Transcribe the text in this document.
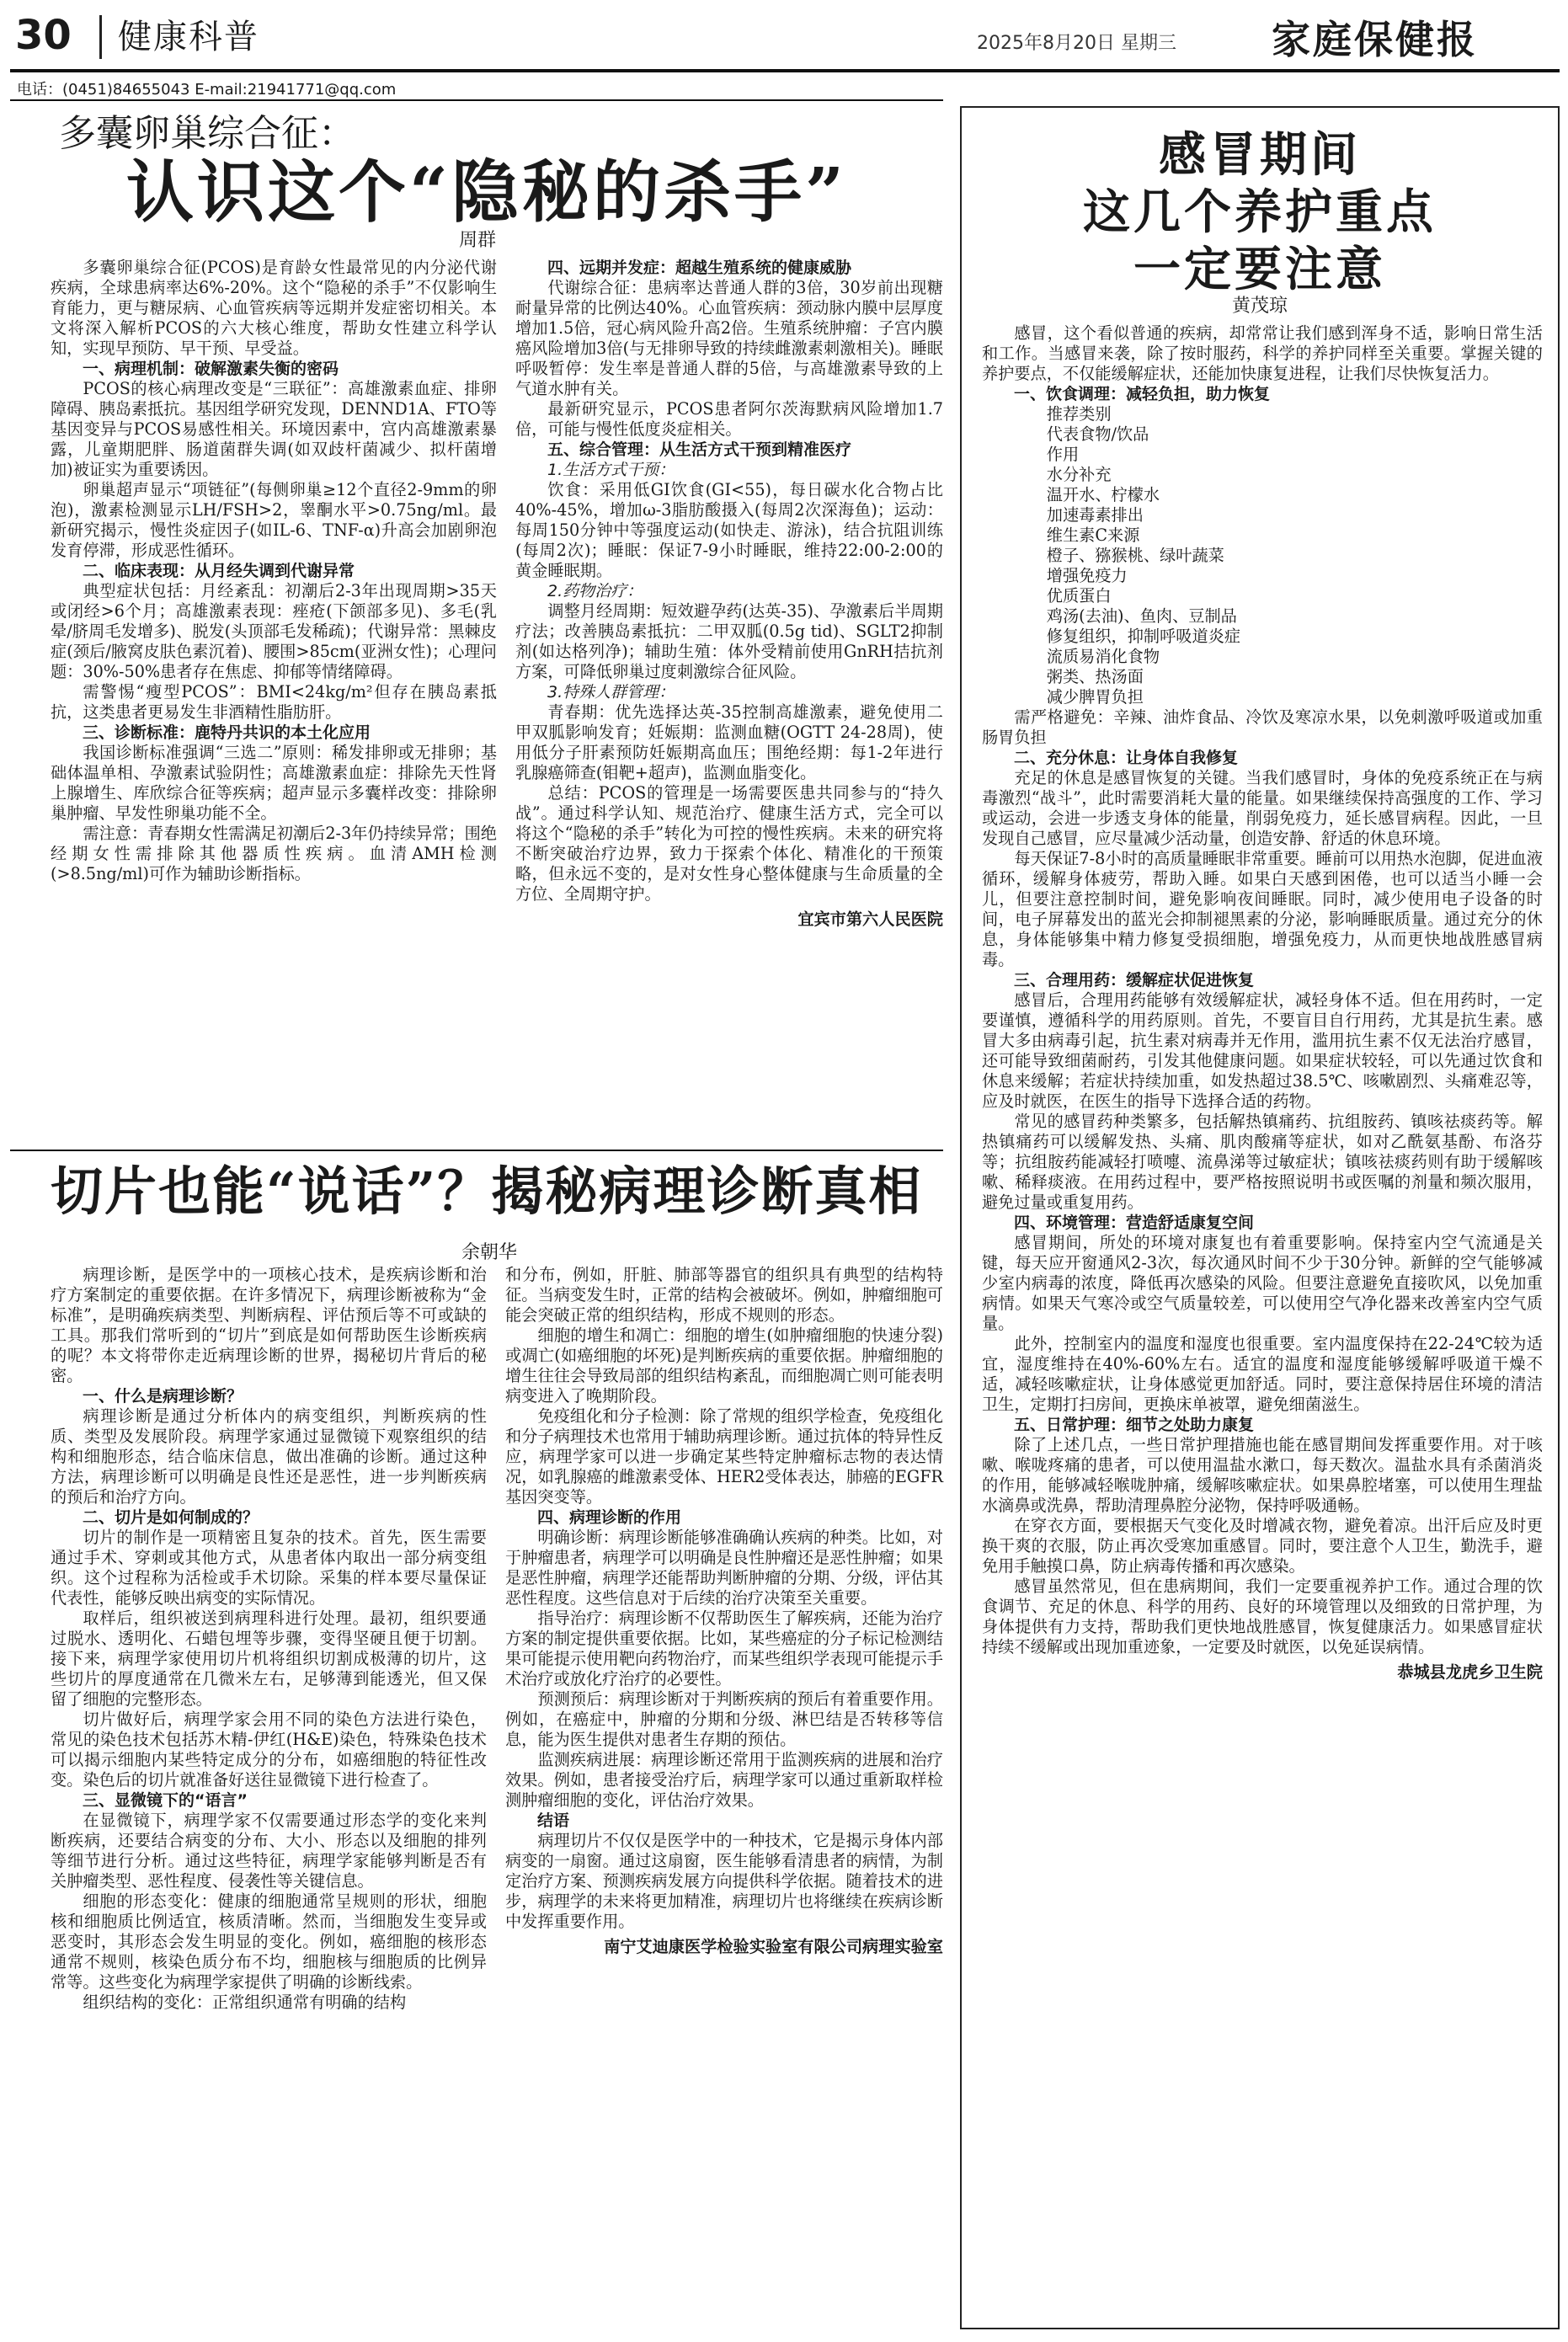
30 健康科普	2025年8月20日 星期三 家庭保健报
电话：(0451)84655043 E-mail:21941771@qq.com
多囊卵巢综合征：
认识这个“隐秘的杀手”
周群

多囊卵巢综合征(PCOS)是育龄女性最常见的内分泌代谢疾病，全球患病率达6%-20%。这个“隐秘的杀手”不仅影响生育能力，更与糖尿病、心血管疾病等远期并发症密切相关。本文将深入解析PCOS的六大核心维度，帮助女性建立科学认知，实现早预防、早干预、早受益。

一、病理机制：破解激素失衡的密码

PCOS的核心病理改变是“三联征”：高雄激素血症、排卵障碍、胰岛素抵抗。基因组学研究发现，DENND1A、FTO等基因变异与PCOS易感性相关。环境因素中，宫内高雄激素暴露，儿童期肥胖、肠道菌群失调(如双歧杆菌减少、拟杆菌增加)被证实为重要诱因。

卵巢超声显示“项链征”(每侧卵巢≥12个直径2-9mm的卵泡)，激素检测显示LH/FSH>2，睾酮水平>0.75ng/ml。最新研究揭示，慢性炎症因子(如IL-6、TNF-α)升高会加剧卵泡发育停滞，形成恶性循环。

二、临床表现：从月经失调到代谢异常

典型症状包括：月经紊乱：初潮后2-3年出现周期>35天或闭经>6个月；高雄激素表现：痤疮(下颌部多见)、多毛(乳晕/脐周毛发增多)、脱发(头顶部毛发稀疏)；代谢异常：黑棘皮症(颈后/腋窝皮肤色素沉着)、腰围>85cm(亚洲女性)；心理问题：30%-50%患者存在焦虑、抑郁等情绪障碍。

需警惕“瘦型PCOS”：BMI<24kg/m²但存在胰岛素抵抗，这类患者更易发生非酒精性脂肪肝。

三、诊断标准：鹿特丹共识的本土化应用

我国诊断标准强调“三选二”原则：稀发排卵或无排卵；基础体温单相、孕激素试验阴性；高雄激素血症：排除先天性肾上腺增生、库欣综合征等疾病；超声显示多囊样改变：排除卵巢肿瘤、早发性卵巢功能不全。

需注意：青春期女性需满足初潮后2-3年仍持续异常；围绝经期女性需排除其他器质性疾病。血清AMH检测(>8.5ng/ml)可作为辅助诊断指标。

四、远期并发症：超越生殖系统的健康威胁

代谢综合征：患病率达普通人群的3倍，30岁前出现糖耐量异常的比例达40%。心血管疾病：颈动脉内膜中层厚度增加1.5倍，冠心病风险升高2倍。生殖系统肿瘤：子宫内膜癌风险增加3倍(与无排卵导致的持续雌激素刺激相关)。睡眠呼吸暂停：发生率是普通人群的5倍，与高雄激素导致的上气道水肿有关。

最新研究显示，PCOS患者阿尔茨海默病风险增加1.7倍，可能与慢性低度炎症相关。

五、综合管理：从生活方式干预到精准医疗
1.生活方式干预：

饮食：采用低GI饮食(GI<55)，每日碳水化合物占比40%-45%，增加ω-3脂肪酸摄入(每周2次深海鱼)；运动：每周150分钟中等强度运动(如快走、游泳)，结合抗阻训练(每周2次)；睡眠：保证7-9小时睡眠，维持22:00-2:00的黄金睡眠期。

2.药物治疗：

调整月经周期：短效避孕药(达英-35)、孕激素后半周期疗法；改善胰岛素抵抗：二甲双胍(0.5g tid)、SGLT2抑制剂(如达格列净)；辅助生殖：体外受精前使用GnRH拮抗剂方案，可降低卵巢过度刺激综合征风险。

3.特殊人群管理：

青春期：优先选择达英-35控制高雄激素，避免使用二甲双胍影响发育；妊娠期：监测血糖(OGTT 24-28周)，使用低分子肝素预防妊娠期高血压；围绝经期：每1-2年进行乳腺癌筛查(钼靶+超声)，监测血脂变化。

总结：PCOS的管理是一场需要医患共同参与的“持久战”。通过科学认知、规范治疗、健康生活方式，完全可以将这个“隐秘的杀手”转化为可控的慢性疾病。未来的研究将不断突破治疗边界，致力于探索个体化、精准化的干预策略，但永远不变的，是对女性身心整体健康与生命质量的全方位、全周期守护。

宜宾市第六人民医院

切片也能“说话”？揭秘病理诊断真相
余朝华

病理诊断，是医学中的一项核心技术，是疾病诊断和治疗方案制定的重要依据。在许多情况下，病理诊断被称为“金标准”，是明确疾病类型、判断病程、评估预后等不可或缺的工具。那我们常听到的“切片”到底是如何帮助医生诊断疾病的呢？本文将带你走近病理诊断的世界，揭秘切片背后的秘密。

一、什么是病理诊断？

病理诊断是通过分析体内的病变组织，判断疾病的性质、类型及发展阶段。病理学家通过显微镜下观察组织的结构和细胞形态，结合临床信息，做出准确的诊断。通过这种方法，病理诊断可以明确是良性还是恶性，进一步判断疾病的预后和治疗方向。

二、切片是如何制成的？

切片的制作是一项精密且复杂的技术。首先，医生需要通过手术、穿刺或其他方式，从患者体内取出一部分病变组织。这个过程称为活检或手术切除。采集的样本要尽量保证代表性，能够反映出病变的实际情况。

取样后，组织被送到病理科进行处理。最初，组织要通过脱水、透明化、石蜡包埋等步骤，变得坚硬且便于切割。接下来，病理学家使用切片机将组织切割成极薄的切片，这些切片的厚度通常在几微米左右，足够薄到能透光，但又保留了细胞的完整形态。

切片做好后，病理学家会用不同的染色方法进行染色，常见的染色技术包括苏木精-伊红(H&E)染色，特殊染色技术可以揭示细胞内某些特定成分的分布，如癌细胞的特征性改变。染色后的切片就准备好送往显微镜下进行检查了。

三、显微镜下的“语言”

在显微镜下，病理学家不仅需要通过形态学的变化来判断疾病，还要结合病变的分布、大小、形态以及细胞的排列等细节进行分析。通过这些特征，病理学家能够判断是否有关肿瘤类型、恶性程度、侵袭性等关键信息。

细胞的形态变化：健康的细胞通常呈规则的形状，细胞核和细胞质比例适宜，核质清晰。然而，当细胞发生变异或恶变时，其形态会发生明显的变化。例如，癌细胞的核形态通常不规则，核染色质分布不均，细胞核与细胞质的比例异常等。这些变化为病理学家提供了明确的诊断线索。

组织结构的变化：正常组织通常有明确的结构

和分布，例如，肝脏、肺部等器官的组织具有典型的结构特征。当病变发生时，正常的结构会被破坏。例如，肿瘤细胞可能会突破正常的组织结构，形成不规则的形态。

细胞的增生和凋亡：细胞的增生(如肿瘤细胞的快速分裂)或凋亡(如癌细胞的坏死)是判断疾病的重要依据。肿瘤细胞的增生往往会导致局部的组织结构紊乱，而细胞凋亡则可能表明病变进入了晚期阶段。

免疫组化和分子检测：除了常规的组织学检查，免疫组化和分子病理技术也常用于辅助病理诊断。通过抗体的特异性反应，病理学家可以进一步确定某些特定肿瘤标志物的表达情况，如乳腺癌的雌激素受体、HER2受体表达，肺癌的EGFR基因突变等。

四、病理诊断的作用

明确诊断：病理诊断能够准确确认疾病的种类。比如，对于肿瘤患者，病理学可以明确是良性肿瘤还是恶性肿瘤；如果是恶性肿瘤，病理学还能帮助判断肿瘤的分期、分级，评估其恶性程度。这些信息对于后续的治疗决策至关重要。

指导治疗：病理诊断不仅帮助医生了解疾病，还能为治疗方案的制定提供重要依据。比如，某些癌症的分子标记检测结果可能提示使用靶向药物治疗，而某些组织学表现可能提示手术治疗或放化疗治疗的必要性。

预测预后：病理诊断对于判断疾病的预后有着重要作用。例如，在癌症中，肿瘤的分期和分级、淋巴结是否转移等信息，能为医生提供对患者生存期的预估。

监测疾病进展：病理诊断还常用于监测疾病的进展和治疗效果。例如，患者接受治疗后，病理学家可以通过重新取样检测肿瘤细胞的变化，评估治疗效果。

结语

病理切片不仅仅是医学中的一种技术，它是揭示身体内部病变的一扇窗。通过这扇窗，医生能够看清患者的病情，为制定治疗方案、预测疾病发展方向提供科学依据。随着技术的进步，病理学的未来将更加精准，病理切片也将继续在疾病诊断中发挥重要作用。

南宁艾迪康医学检验实验室有限公司病理实验室

感冒期间
这几个养护重点
一定要注意
黄茂琼

感冒，这个看似普通的疾病，却常常让我们感到浑身不适，影响日常生活和工作。当感冒来袭，除了按时服药，科学的养护同样至关重要。掌握关键的养护要点，不仅能缓解症状，还能加快康复进程，让我们尽快恢复活力。

一、饮食调理：减轻负担，助力恢复

推荐类别

代表食物/饮品

作用

水分补充

温开水、柠檬水

加速毒素排出

维生素C来源

橙子、猕猴桃、绿叶蔬菜

增强免疫力

优质蛋白

鸡汤(去油)、鱼肉、豆制品

修复组织，抑制呼吸道炎症

流质易消化食物

粥类、热汤面

减少脾胃负担

需严格避免：辛辣、油炸食品、冷饮及寒凉水果，以免刺激呼吸道或加重肠胃负担

二、充分休息：让身体自我修复

充足的休息是感冒恢复的关键。当我们感冒时，身体的免疫系统正在与病毒激烈“战斗”，此时需要消耗大量的能量。如果继续保持高强度的工作、学习或运动，会进一步透支身体的能量，削弱免疫力，延长感冒病程。因此，一旦发现自己感冒，应尽量减少活动量，创造安静、舒适的休息环境。

每天保证7-8小时的高质量睡眠非常重要。睡前可以用热水泡脚，促进血液循环，缓解身体疲劳，帮助入睡。如果白天感到困倦，也可以适当小睡一会儿，但要注意控制时间，避免影响夜间睡眠。同时，减少使用电子设备的时间，电子屏幕发出的蓝光会抑制褪黑素的分泌，影响睡眠质量。通过充分的休息，身体能够集中精力修复受损细胞，增强免疫力，从而更快地战胜感冒病毒。

三、合理用药：缓解症状促进恢复

感冒后，合理用药能够有效缓解症状，减轻身体不适。但在用药时，一定要谨慎，遵循科学的用药原则。首先，不要盲目自行用药，尤其是抗生素。感冒大多由病毒引起，抗生素对病毒并无作用，滥用抗生素不仅无法治疗感冒，还可能导致细菌耐药，引发其他健康问题。如果症状较轻，可以先通过饮食和休息来缓解；若症状持续加重，如发热超过38.5℃、咳嗽剧烈、头痛难忍等，应及时就医，在医生的指导下选择合适的药物。

常见的感冒药种类繁多，包括解热镇痛药、抗组胺药、镇咳祛痰药等。解热镇痛药可以缓解发热、头痛、肌肉酸痛等症状，如对乙酰氨基酚、布洛芬等；抗组胺药能减轻打喷嚏、流鼻涕等过敏症状；镇咳祛痰药则有助于缓解咳嗽、稀释痰液。在用药过程中，要严格按照说明书或医嘱的剂量和频次服用，避免过量或重复用药。

四、环境管理：营造舒适康复空间

感冒期间，所处的环境对康复也有着重要影响。保持室内空气流通是关键，每天应开窗通风2-3次，每次通风时间不少于30分钟。新鲜的空气能够减少室内病毒的浓度，降低再次感染的风险。但要注意避免直接吹风，以免加重病情。如果天气寒冷或空气质量较差，可以使用空气净化器来改善室内空气质量。

此外，控制室内的温度和湿度也很重要。室内温度保持在22-24℃较为适宜，湿度维持在40%-60%左右。适宜的温度和湿度能够缓解呼吸道干燥不适，减轻咳嗽症状，让身体感觉更加舒适。同时，要注意保持居住环境的清洁卫生，定期打扫房间，更换床单被罩，避免细菌滋生。

五、日常护理：细节之处助力康复

除了上述几点，一些日常护理措施也能在感冒期间发挥重要作用。对于咳嗽、喉咙疼痛的患者，可以使用温盐水漱口，每天数次。温盐水具有杀菌消炎的作用，能够减轻喉咙肿痛，缓解咳嗽症状。如果鼻腔堵塞，可以使用生理盐水滴鼻或洗鼻，帮助清理鼻腔分泌物，保持呼吸通畅。

在穿衣方面，要根据天气变化及时增减衣物，避免着凉。出汗后应及时更换干爽的衣服，防止再次受寒加重感冒。同时，要注意个人卫生，勤洗手，避免用手触摸口鼻，防止病毒传播和再次感染。

感冒虽然常见，但在患病期间，我们一定要重视养护工作。通过合理的饮食调节、充足的休息、科学的用药、良好的环境管理以及细致的日常护理，为身体提供有力支持，帮助我们更快地战胜感冒，恢复健康活力。如果感冒症状持续不缓解或出现加重迹象，一定要及时就医，以免延误病情。

恭城县龙虎乡卫生院
